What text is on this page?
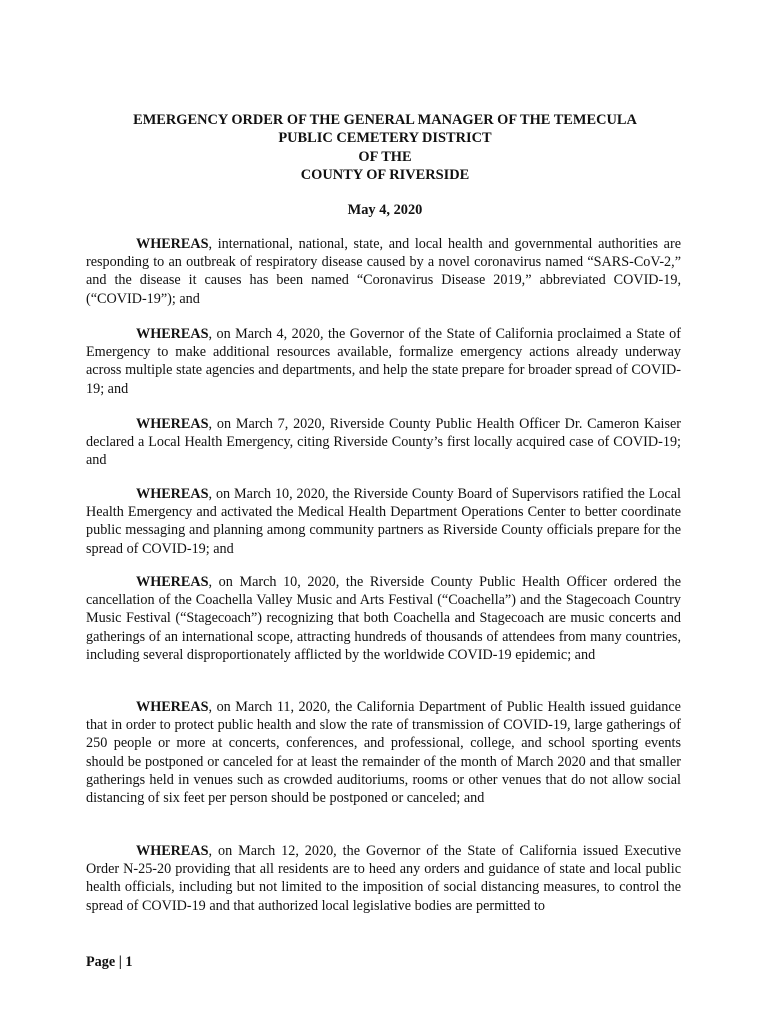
EMERGENCY ORDER OF THE GENERAL MANAGER OF THE TEMECULA
PUBLIC CEMETERY DISTRICT
OF THE
COUNTY OF RIVERSIDE
May 4, 2020

WHEREAS, international, national, state, and local health and governmental authorities are responding to an outbreak of respiratory disease caused by a novel coronavirus named “SARS-CoV-2,” and the disease it causes has been named “Coronavirus Disease 2019,” abbreviated COVID-19, (“COVID-19”); and

WHEREAS, on March 4, 2020, the Governor of the State of California proclaimed a State of Emergency to make additional resources available, formalize emergency actions already underway across multiple state agencies and departments, and help the state prepare for broader spread of COVID-19; and

WHEREAS, on March 7, 2020, Riverside County Public Health Officer Dr. Cameron Kaiser declared a Local Health Emergency, citing Riverside County’s first locally acquired case of COVID-19; and

WHEREAS, on March 10, 2020, the Riverside County Board of Supervisors ratified the Local Health Emergency and activated the Medical Health Department Operations Center to better coordinate public messaging and planning among community partners as Riverside County officials prepare for the spread of COVID-19; and

WHEREAS, on March 10, 2020, the Riverside County Public Health Officer ordered the cancellation of the Coachella Valley Music and Arts Festival (“Coachella”) and the Stagecoach Country Music Festival (“Stagecoach”) recognizing that both Coachella and Stagecoach are music concerts and gatherings of an international scope, attracting hundreds of thousands of attendees from many countries, including several disproportionately afflicted by the worldwide COVID-19 epidemic; and

WHEREAS, on March 11, 2020, the California Department of Public Health issued guidance that in order to protect public health and slow the rate of transmission of COVID-19, large gatherings of 250 people or more at concerts, conferences, and professional, college, and school sporting events should be postponed or canceled for at least the remainder of the month of March 2020 and that smaller gatherings held in venues such as crowded auditoriums, rooms or other venues that do not allow social distancing of six feet per person should be postponed or canceled; and

WHEREAS, on March 12, 2020, the Governor of the State of California issued Executive Order N-25-20 providing that all residents are to heed any orders and guidance of state and local public health officials, including but not limited to the imposition of social distancing measures, to control the spread of COVID-19 and that authorized local legislative bodies are permitted to

Page | 1
